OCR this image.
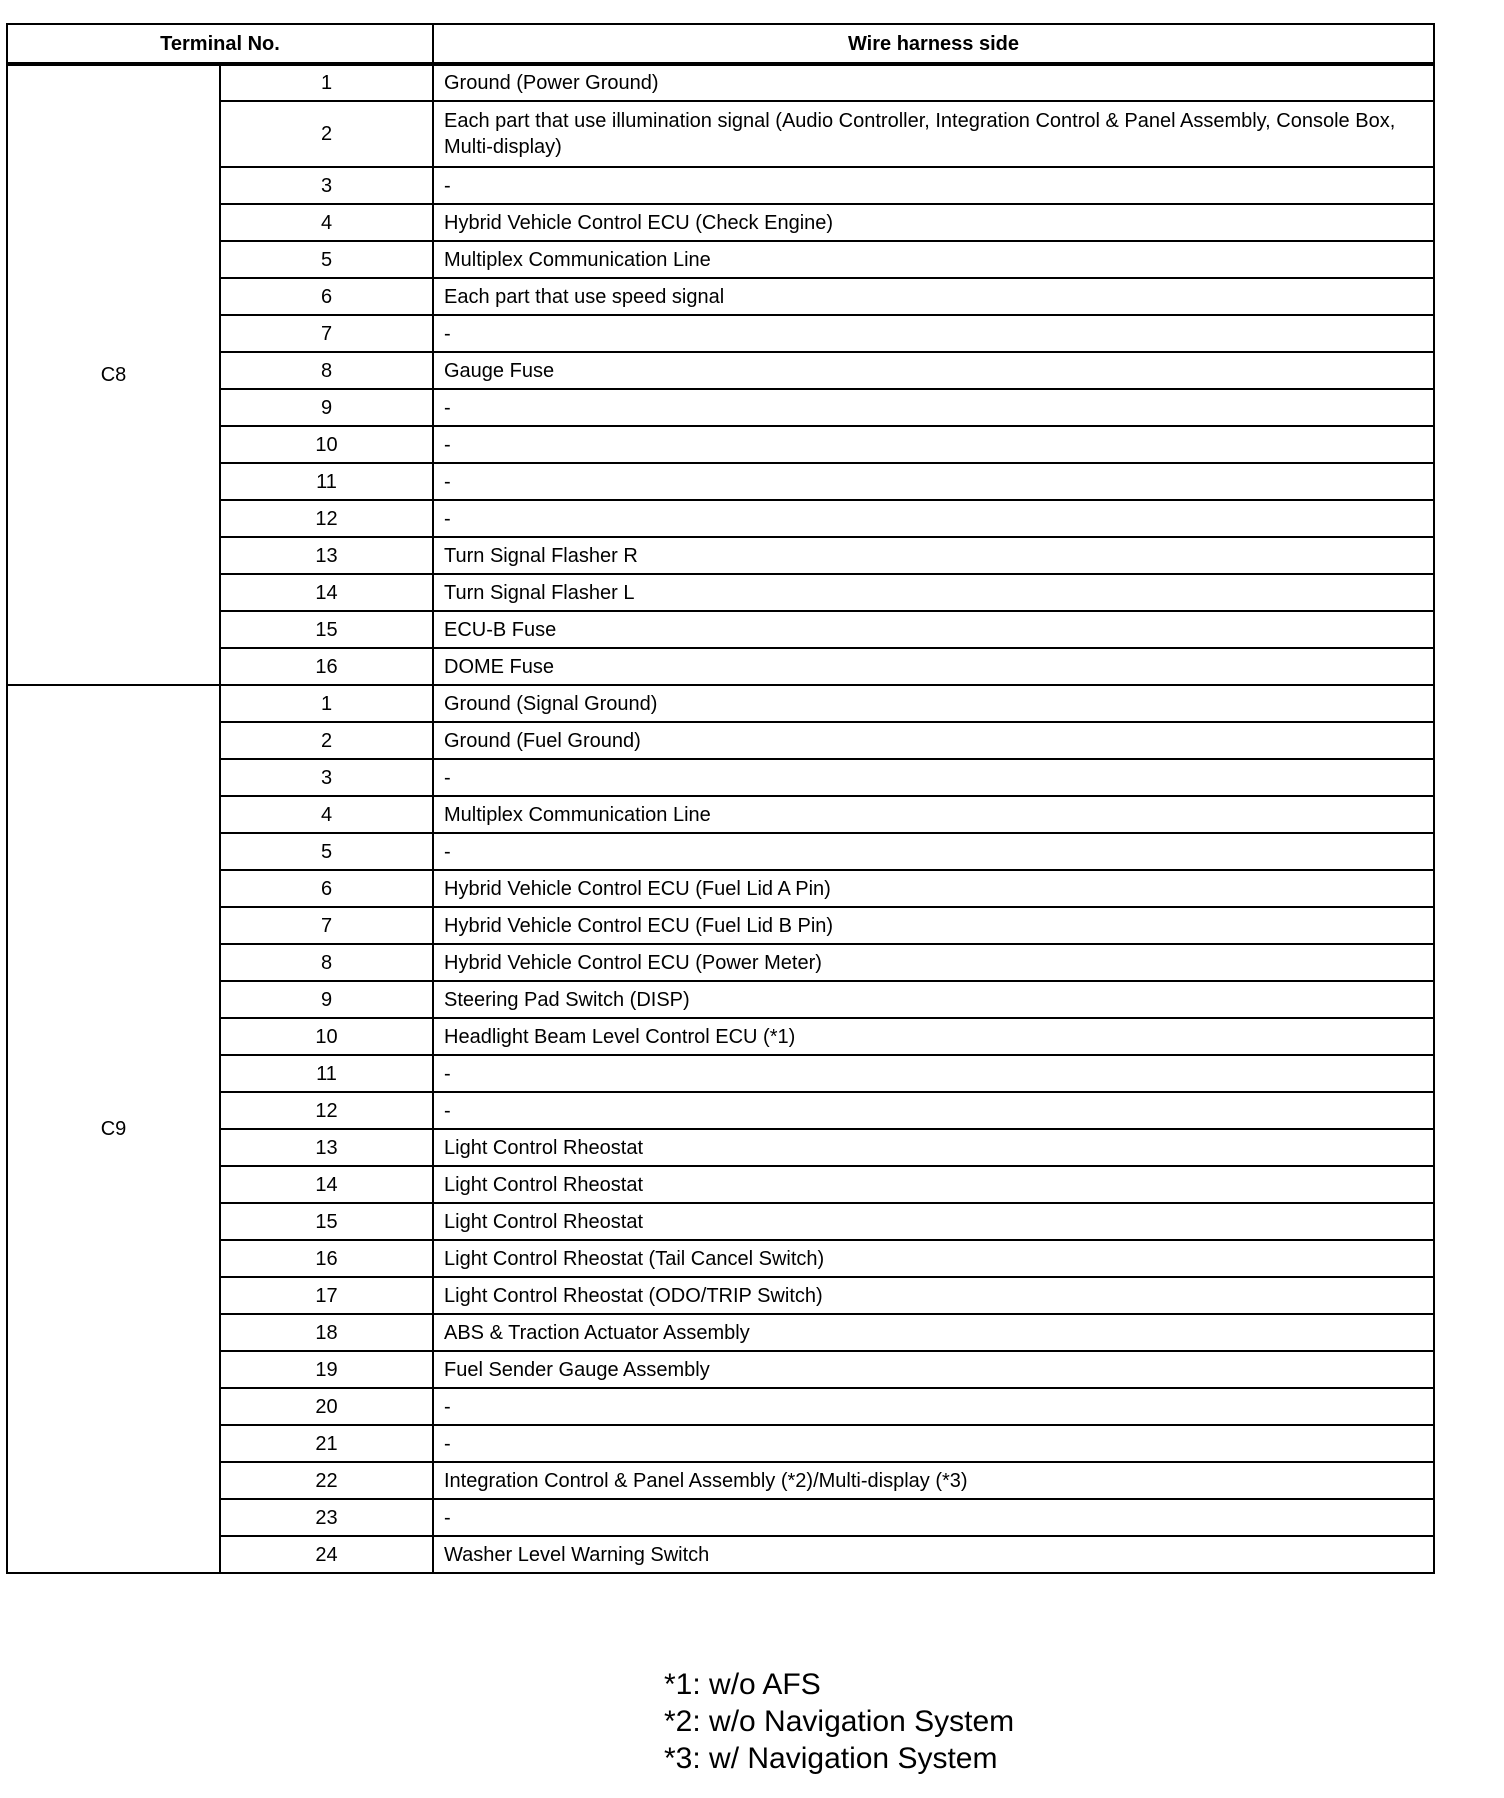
Terminal No.		Wire harness side
C8	1	Ground (Power Ground)
	2	Each part that use illumination signal (Audio Controller, Integration Control & Panel Assembly, Console Box, Multi-display)
	3	-
	4	Hybrid Vehicle Control ECU (Check Engine)
	5	Multiplex Communication Line
	6	Each part that use speed signal
	7	-
	8	Gauge Fuse
	9	-
	10	-
	11	-
	12	-
	13	Turn Signal Flasher R
	14	Turn Signal Flasher L
	15	ECU-B Fuse
	16	DOME Fuse
C9	1	Ground (Signal Ground)
	2	Ground (Fuel Ground)
	3	-
	4	Multiplex Communication Line
	5	-
	6	Hybrid Vehicle Control ECU (Fuel Lid A Pin)
	7	Hybrid Vehicle Control ECU (Fuel Lid B Pin)
	8	Hybrid Vehicle Control ECU (Power Meter)
	9	Steering Pad Switch (DISP)
	10	Headlight Beam Level Control ECU (*1)
	11	-
	12	-
	13	Light Control Rheostat
	14	Light Control Rheostat
	15	Light Control Rheostat
	16	Light Control Rheostat (Tail Cancel Switch)
	17	Light Control Rheostat (ODO/TRIP Switch)
	18	ABS & Traction Actuator Assembly
	19	Fuel Sender Gauge Assembly
	20	-
	21	-
	22	Integration Control & Panel Assembly (*2)/Multi-display (*3)
	23	-
	24	Washer Level Warning Switch
*1: w/o AFS
*2: w/o Navigation System
*3: w/ Navigation System
